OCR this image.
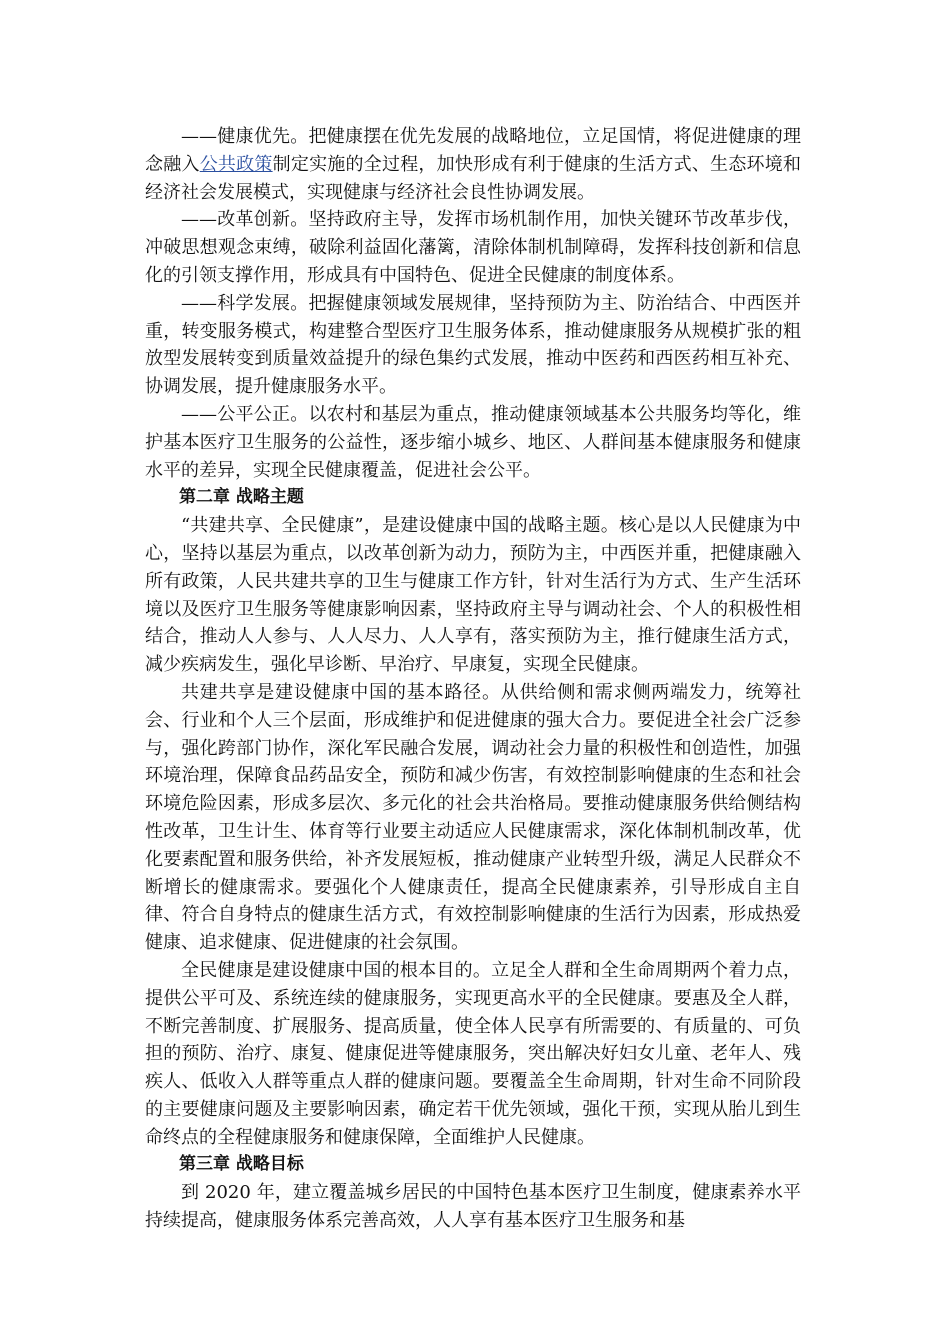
——健康优先。把健康摆在优先发展的战略地位，立足国情，将促进健康的理念融入公共政策制定实施的全过程，加快形成有利于健康的生活方式、生态环境和经济社会发展模式，实现健康与经济社会良性协调发展。

——改革创新。坚持政府主导，发挥市场机制作用，加快关键环节改革步伐，冲破思想观念束缚，破除利益固化藩篱，清除体制机制障碍，发挥科技创新和信息化的引领支撑作用，形成具有中国特色、促进全民健康的制度体系。

——科学发展。把握健康领域发展规律，坚持预防为主、防治结合、中西医并重，转变服务模式，构建整合型医疗卫生服务体系，推动健康服务从规模扩张的粗放型发展转变到质量效益提升的绿色集约式发展，推动中医药和西医药相互补充、协调发展，提升健康服务水平。

——公平公正。以农村和基层为重点，推动健康领域基本公共服务均等化，维护基本医疗卫生服务的公益性，逐步缩小城乡、地区、人群间基本健康服务和健康水平的差异，实现全民健康覆盖，促进社会公平。

第二章 战略主题

“共建共享、全民健康”，是建设健康中国的战略主题。核心是以人民健康为中心，坚持以基层为重点，以改革创新为动力，预防为主，中西医并重，把健康融入所有政策，人民共建共享的卫生与健康工作方针，针对生活行为方式、生产生活环境以及医疗卫生服务等健康影响因素，坚持政府主导与调动社会、个人的积极性相结合，推动人人参与、人人尽力、人人享有，落实预防为主，推行健康生活方式，减少疾病发生，强化早诊断、早治疗、早康复，实现全民健康。

共建共享是建设健康中国的基本路径。从供给侧和需求侧两端发力，统筹社会、行业和个人三个层面，形成维护和促进健康的强大合力。要促进全社会广泛参与，强化跨部门协作，深化军民融合发展，调动社会力量的积极性和创造性，加强环境治理，保障食品药品安全，预防和减少伤害，有效控制影响健康的生态和社会环境危险因素，形成多层次、多元化的社会共治格局。要推动健康服务供给侧结构性改革，卫生计生、体育等行业要主动适应人民健康需求，深化体制机制改革，优化要素配置和服务供给，补齐发展短板，推动健康产业转型升级，满足人民群众不断增长的健康需求。要强化个人健康责任，提高全民健康素养，引导形成自主自律、符合自身特点的健康生活方式，有效控制影响健康的生活行为因素，形成热爱健康、追求健康、促进健康的社会氛围。

全民健康是建设健康中国的根本目的。立足全人群和全生命周期两个着力点，提供公平可及、系统连续的健康服务，实现更高水平的全民健康。要惠及全人群，不断完善制度、扩展服务、提高质量，使全体人民享有所需要的、有质量的、可负担的预防、治疗、康复、健康促进等健康服务，突出解决好妇女儿童、老年人、残疾人、低收入人群等重点人群的健康问题。要覆盖全生命周期，针对生命不同阶段的主要健康问题及主要影响因素，确定若干优先领域，强化干预，实现从胎儿到生命终点的全程健康服务和健康保障，全面维护人民健康。

第三章 战略目标

到 2020 年，建立覆盖城乡居民的中国特色基本医疗卫生制度，健康素养水平持续提高，健康服务体系完善高效，人人享有基本医疗卫生服务和基
